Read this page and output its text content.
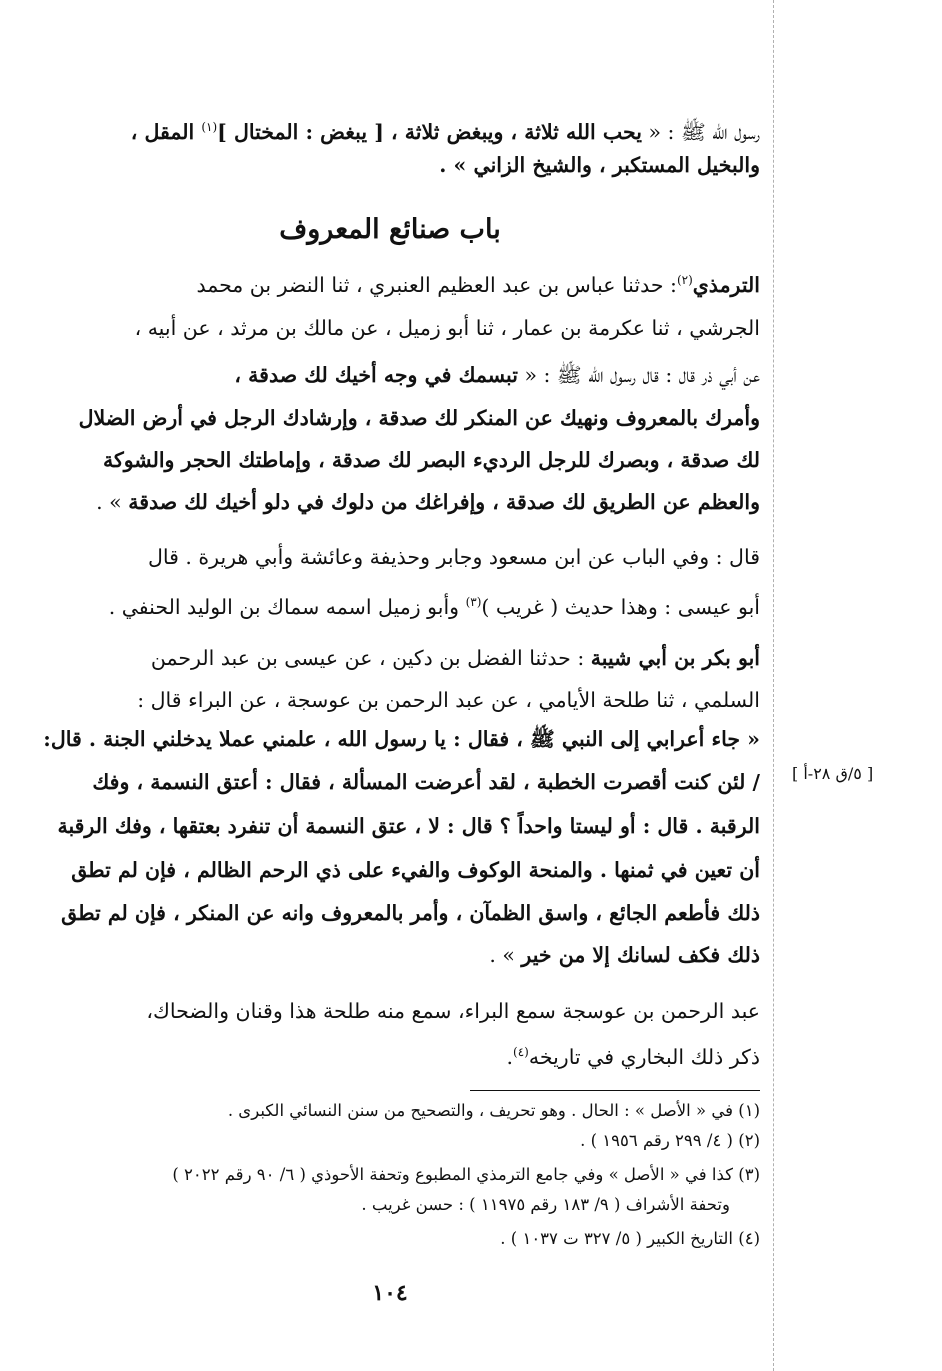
رسول الله ﷺ : « يحب الله ثلاثة ، ويبغض ثلاثة ، [ يبغض : المختال ]$^{(١)}$ المقل ،
والبخيل المستكبر ، والشيخ الزاني » .
باب صنائع المعروف
الترمذي$^{(٢)}$: حدثنا عباس بن عبد العظيم العنبري ، ثنا النضر بن محمد
الجرشي ، ثنا عكرمة بن عمار ، ثنا أبو زميل ، عن مالك بن مرثد ، عن أبيه ،
عن أبي ذر قال : قال رسول الله ﷺ : « تبسمك في وجه أخيك لك صدقة ،
وأمرك بالمعروف ونهيك عن المنكر لك صدقة ، وإرشادك الرجل في أرض الضلال
لك صدقة ، وبصرك للرجل الرديء البصر لك صدقة ، وإماطتك الحجر والشوكة
والعظم عن الطريق لك صدقة ، وإفراغك من دلوك في دلو أخيك لك صدقة » .
قال : وفي الباب عن ابن مسعود وجابر وحذيفة وعائشة وأبي هريرة . قال
أبو عيسى : وهذا حديث ( غريب )$^{(٣)}$ وأبو زميل اسمه سماك بن الوليد الحنفي .
أبو بكر بن أبي شيبة : حدثنا الفضل بن دكين ، عن عيسى بن عبد الرحمن
السلمي ، ثنا طلحة الأيامي ، عن عبد الرحمن بن عوسجة ، عن البراء قال :
« جاء أعرابي إلى النبي ﷺ ، فقال : يا رسول الله ، علمني عملا يدخلني الجنة . قال:
/ لئن كنت أقصرت الخطبة ، لقد أعرضت المسألة ، فقال : أعتق النسمة ، وفك
الرقبة . قال : أو ليستا واحداً ؟ قال : لا ، عتق النسمة أن تنفرد بعتقها ، وفك الرقبة
أن تعين في ثمنها . والمنحة الوكوف والفيء على ذي الرحم الظالم ، فإن لم تطق
ذلك فأطعم الجائع ، واسق الظمآن ، وأمر بالمعروف وانه عن المنكر ، فإن لم تطق
ذلك فكف لسانك إلا من خير » .
[ ٥/ق ٢٨-أ ]
عبد الرحمن بن عوسجة سمع البراء، سمع منه طلحة هذا وقنان والضحاك،
ذكر ذلك البخاري في تاريخه$^{(٤)}$.
(١) في « الأصل » : الحال . وهو تحريف ، والتصحيح من سنن النسائي الكبرى .
(٢) ( ٤/ ٢٩٩ رقم ١٩٥٦ ) .
(٣) كذا في « الأصل » وفي جامع الترمذي المطبوع وتحفة الأحوذي ( ٦/ ٩٠ رقم ٢٠٢٢ )
وتحفة الأشراف ( ٩/ ١٨٣ رقم ١١٩٧٥ ) : حسن غريب .
(٤) التاريخ الكبير ( ٥/ ٣٢٧ ت ١٠٣٧ ) .
١٠٤
